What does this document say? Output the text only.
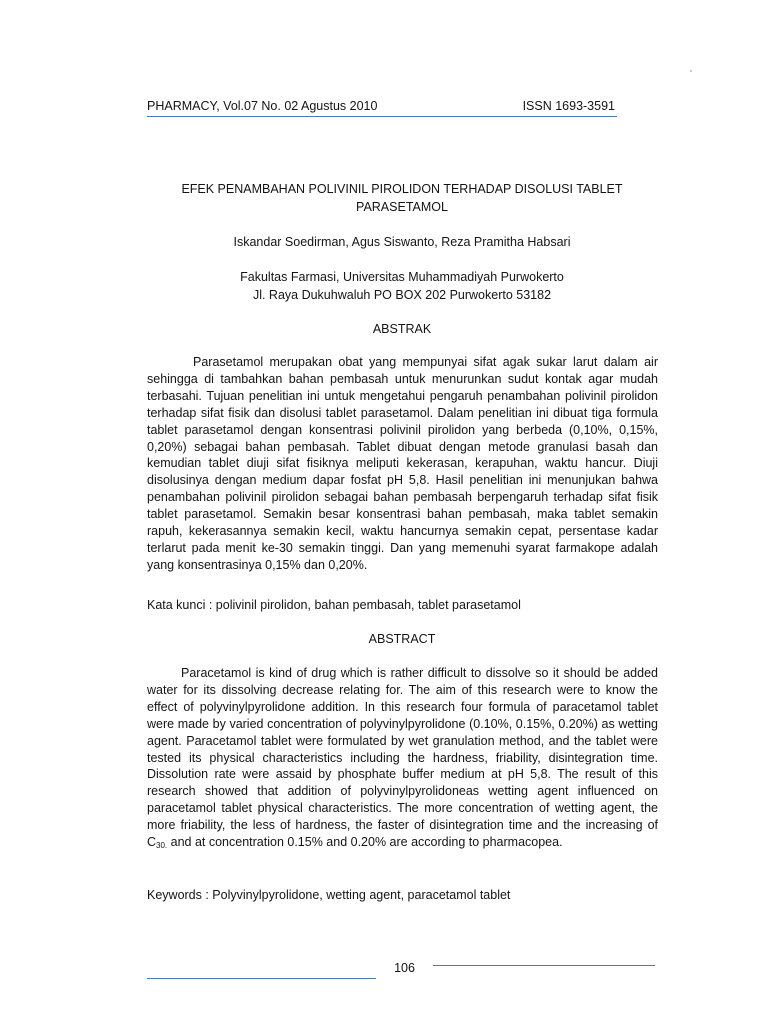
PHARMACY, Vol.07 No. 02 Agustus 2010	ISSN 1693-3591
EFEK PENAMBAHAN POLIVINIL PIROLIDON TERHADAP DISOLUSI TABLET
PARASETAMOL
Iskandar Soedirman, Agus Siswanto, Reza Pramitha Habsari
Fakultas Farmasi, Universitas Muhammadiyah Purwokerto
Jl. Raya Dukuhwaluh PO BOX 202 Purwokerto 53182
ABSTRAK

Parasetamol merupakan obat yang mempunyai sifat agak sukar larut dalam air sehingga di tambahkan bahan pembasah untuk menurunkan sudut kontak agar mudah terbasahi. Tujuan penelitian ini untuk mengetahui pengaruh penambahan polivinil pirolidon terhadap sifat fisik dan disolusi tablet parasetamol. Dalam penelitian ini dibuat tiga formula tablet parasetamol dengan konsentrasi polivinil pirolidon yang berbeda (0,10%, 0,15%, 0,20%) sebagai bahan pembasah. Tablet dibuat dengan metode granulasi basah dan kemudian tablet diuji sifat fisiknya meliputi kekerasan, kerapuhan, waktu hancur. Diuji disolusinya dengan medium dapar fosfat pH 5,8. Hasil penelitian ini menunjukan bahwa penambahan polivinil pirolidon sebagai bahan pembasah berpengaruh terhadap sifat fisik tablet parasetamol. Semakin besar konsentrasi bahan pembasah, maka tablet semakin rapuh, kekerasannya semakin kecil, waktu hancurnya semakin cepat, persentase kadar terlarut pada menit ke-30 semakin tinggi. Dan yang memenuhi syarat farmakope adalah yang konsentrasinya 0,15% dan 0,20%.

Kata kunci : polivinil pirolidon, bahan pembasah, tablet parasetamol
ABSTRACT

Paracetamol is kind of drug which is rather difficult to dissolve so it should be added water for its dissolving decrease relating for. The aim of this research were to know the effect of polyvinylpyrolidone addition. In this research four formula of paracetamol tablet were made by varied concentration of polyvinylpyrolidone (0.10%, 0.15%, 0.20%) as wetting agent. Paracetamol tablet were formulated by wet granulation method, and the tablet were tested its physical characteristics including the hardness, friability, disintegration time. Dissolution rate were assaid by phosphate buffer medium at pH 5,8. The result of this research showed that addition of polyvinylpyrolidoneas wetting agent influenced on paracetamol tablet physical characteristics. The more concentration of wetting agent, the more friability, the less of hardness, the faster of disintegration time and the increasing of $C_{30.}$ and at concentration 0.15% and 0.20% are according to pharmacopea.

Keywords : Polyvinylpyrolidone, wetting agent, paracetamol tablet
106
